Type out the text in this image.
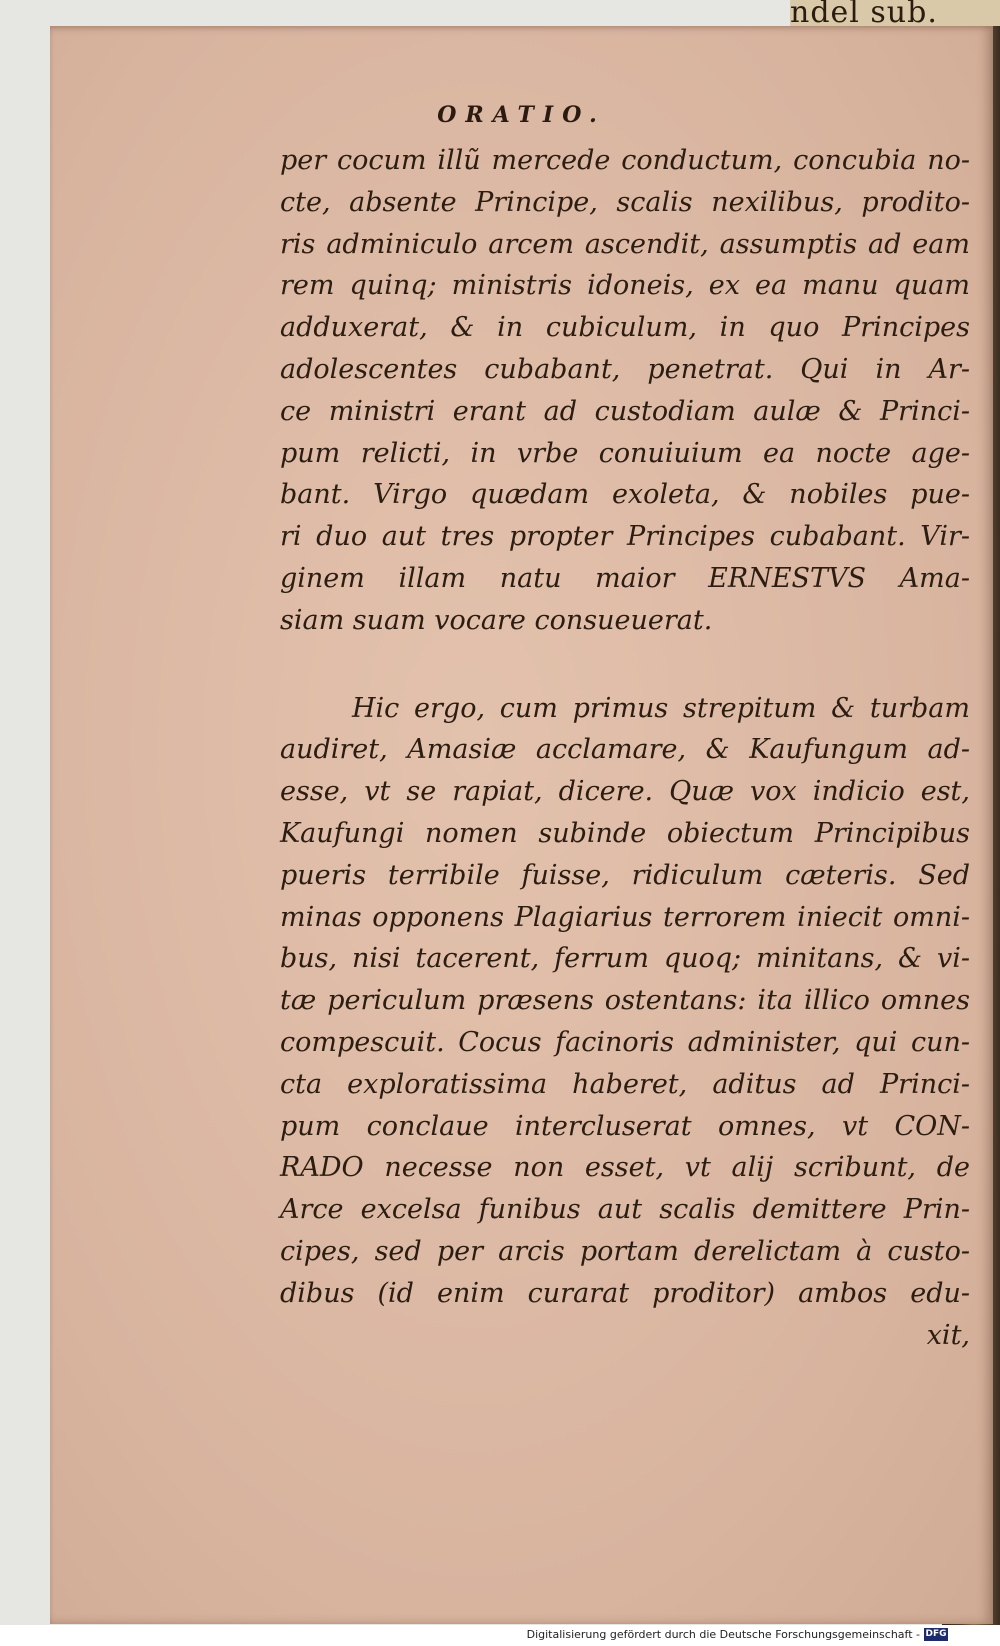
ndel sub.
ORATIO.
per cocum illũ mercede conductum, concubia no-
cte, absente Principe, scalis nexilibus, prodito-
ris adminiculo arcem ascendit, assumptis ad eam
rem quinq; ministris idoneis, ex ea manu quam
adduxerat, & in cubiculum, in quo Principes
adolescentes cubabant, penetrat. Qui in Ar-
ce ministri erant ad custodiam aulæ & Princi-
pum relicti, in vrbe conuiuium ea nocte age-
bant. Virgo quædam exoleta, & nobiles pue-
ri duo aut tres propter Principes cubabant. Vir-
ginem illam natu maior ERNESTVS Ama-
siam suam vocare consueuerat.
Hic ergo, cum primus strepitum & turbam
audiret, Amasiæ acclamare, & Kaufungum ad-
esse, vt se rapiat, dicere. Quæ vox indicio est,
Kaufungi nomen subinde obiectum Principibus
pueris terribile fuisse, ridiculum cæteris. Sed
minas opponens Plagiarius terrorem iniecit omni-
bus, nisi tacerent, ferrum quoq; minitans, & vi-
tæ periculum præsens ostentans: ita illico omnes
compescuit. Cocus facinoris administer, qui cun-
cta exploratissima haberet, aditus ad Princi-
pum conclaue intercluserat omnes, vt CON-
RADO necesse non esset, vt alij scribunt, de
Arce excelsa funibus aut scalis demittere Prin-
cipes, sed per arcis portam derelictam à custo-
dibus (id enim curarat proditor) ambos edu-
xit,
Digitalisierung gefördert durch die Deutsche Forschungsgemeinschaft - DFG
